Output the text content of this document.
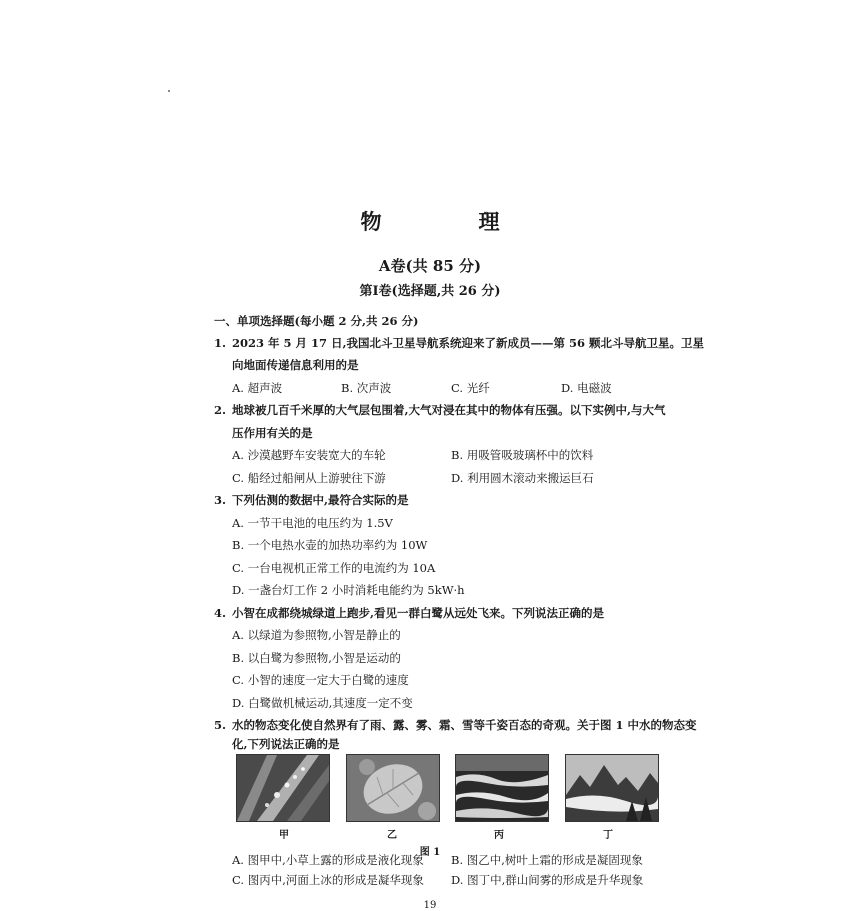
物　理
A卷(共 85 分)
第Ⅰ卷(选择题,共 26 分)
一、单项选择题(每小题 2 分,共 26 分)
1. 2023 年 5 月 17 日,我国北斗卫星导航系统迎来了新成员——第 56 颗北斗导航卫星。卫星
向地面传递信息利用的是
A. 超声波	B. 次声波	C. 光纤	D. 电磁波
2. 地球被几百千米厚的大气层包围着,大气对浸在其中的物体有压强。以下实例中,与大气
压作用有关的是
A. 沙漠越野车安装宽大的车轮	B. 用吸管吸玻璃杯中的饮料
C. 船经过船闸从上游驶往下游	D. 利用圆木滚动来搬运巨石
3. 下列估测的数据中,最符合实际的是
A. 一节干电池的电压约为 1.5V
B. 一个电热水壶的加热功率约为 10W
C. 一台电视机正常工作的电流约为 10A
D. 一盏台灯工作 2 小时消耗电能约为 5kW·h
4. 小智在成都绕城绿道上跑步,看见一群白鹭从远处飞来。下列说法正确的是
A. 以绿道为参照物,小智是静止的
B. 以白鹭为参照物,小智是运动的
C. 小智的速度一定大于白鹭的速度
D. 白鹭做机械运动,其速度一定不变
5. 水的物态变化使自然界有了雨、露、雾、霜、雪等千姿百态的奇观。关于图 1 中水的物态变
化,下列说法正确的是
甲	乙	丙	丁
图 1
A. 图甲中,小草上露的形成是液化现象 B. 图乙中,树叶上霜的形成是凝固现象
C. 图丙中,河面上冰的形成是凝华现象 D. 图丁中,群山间雾的形成是升华现象
19
